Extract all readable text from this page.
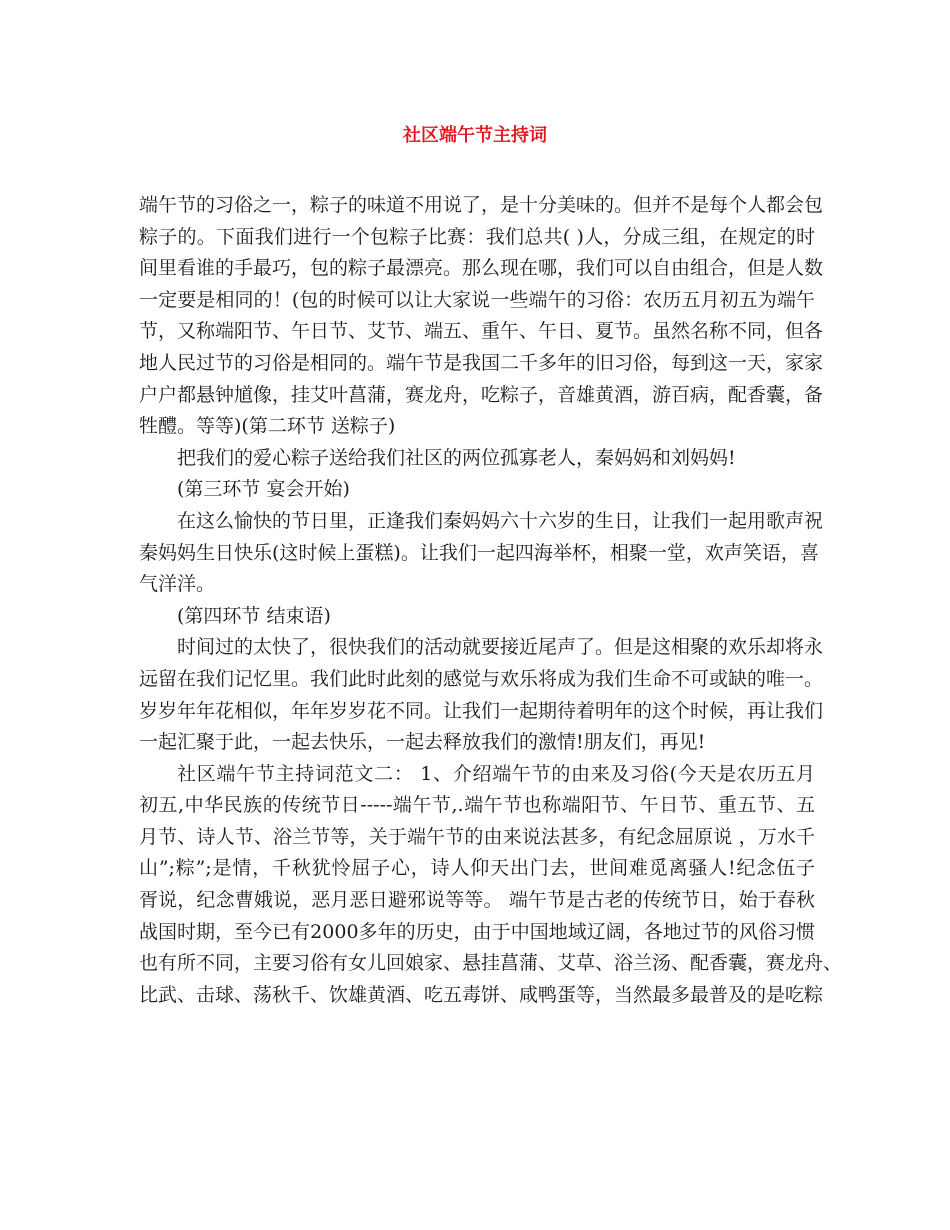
社区端午节主持词
端午节的习俗之一，粽子的味道不用说了，是十分美味的。但并不是每个人都会包
粽子的。下面我们进行一个包粽子比赛：我们总共( )人，分成三组，在规定的时
间里看谁的手最巧，包的粽子最漂亮。那么现在哪，我们可以自由组合，但是人数
一定要是相同的！(包的时候可以让大家说一些端午的习俗：农历五月初五为端午
节，又称端阳节、午日节、艾节、端五、重午、午日、夏节。虽然名称不同，但各
地人民过节的习俗是相同的。端午节是我国二千多年的旧习俗，每到这一天，家家
户户都悬钟馗像，挂艾叶菖蒲，赛龙舟，吃粽子，音雄黄酒，游百病，配香囊，备
牲醴。等等)(第二环节 送粽子)
把我们的爱心粽子送给我们社区的两位孤寡老人，秦妈妈和刘妈妈!
(第三环节 宴会开始)
在这么愉快的节日里，正逢我们秦妈妈六十六岁的生日，让我们一起用歌声祝
秦妈妈生日快乐(这时候上蛋糕)。让我们一起四海举杯，相聚一堂，欢声笑语，喜
气洋洋。
(第四环节 结束语)
时间过的太快了，很快我们的活动就要接近尾声了。但是这相聚的欢乐却将永
远留在我们记忆里。我们此时此刻的感觉与欢乐将成为我们生命不可或缺的唯一。
岁岁年年花相似，年年岁岁花不同。让我们一起期待着明年的这个时候，再让我们
一起汇聚于此，一起去快乐，一起去释放我们的激情!朋友们，再见!
社区端午节主持词范文二： 1、介绍端午节的由来及习俗(今天是农历五月
初五,中华民族的传统节日-----端午节,.端午节也称端阳节、午日节、重五节、五
月节、诗人节、浴兰节等，关于端午节的由来说法甚多，有纪念屈原说 ，万水千
山”;粽”;是情，千秋犹怜屈子心，诗人仰天出门去，世间难觅离骚人!纪念伍子
胥说，纪念曹娥说，恶月恶日避邪说等等。 端午节是古老的传统节日，始于春秋
战国时期，至今已有2000多年的历史，由于中国地域辽阔，各地过节的风俗习惯
也有所不同，主要习俗有女儿回娘家、悬挂菖蒲、艾草、浴兰汤、配香囊，赛龙舟、
比武、击球、荡秋千、饮雄黄酒、吃五毒饼、咸鸭蛋等，当然最多最普及的是吃粽
